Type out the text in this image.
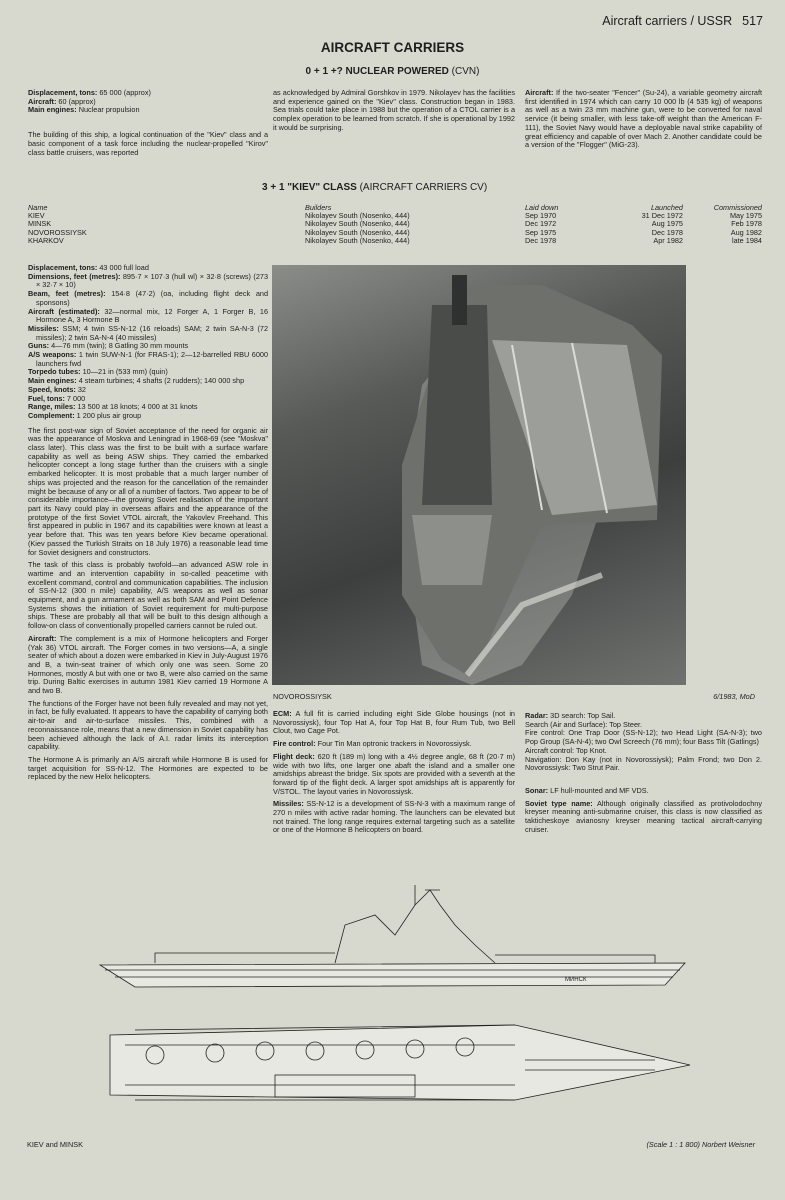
Aircraft carriers / USSR 517
AIRCRAFT CARRIERS
0 + 1 +? NUCLEAR POWERED (CVN)

Displacement, tons: 65 000 (approx)

Aircraft: 60 (approx)

Main engines: Nuclear propulsion

The building of this ship, a logical continuation of the "Kiev" class and a basic component of a task force including the nuclear-propelled "Kirov" class battle cruisers, was reported

as acknowledged by Admiral Gorshkov in 1979. Nikolayev has the facilities and experience gained on the "Kiev" class. Construction began in 1983. Sea trials could take place in 1988 but the operation of a CTOL carrier is a complex operation to be learned from scratch. If she is operational by 1992 it would be surprising.

Aircraft: If the two-seater "Fencer" (Su-24), a variable geometry aircraft first identified in 1974 which can carry 10 000 lb (4 535 kg) of weapons as well as a twin 23 mm machine gun, were to be converted for naval service (it being smaller, with less take-off weight than the American F-111), the Soviet Navy would have a deployable naval strike capability of great efficiency and capable of over Mach 2. Another candidate could be a version of the "Flogger" (MiG-23).

3 + 1 "KIEV" CLASS (AIRCRAFT CARRIERS CV)
Name	Builders	Laid down	Launched	Commissioned
KIEV	Nikolayev South (Nosenko, 444)	Sep 1970	31 Dec 1972	May 1975
MINSK	Nikolayev South (Nosenko, 444)	Dec 1972	Aug 1975	Feb 1978
NOVOROSSIYSK	Nikolayev South (Nosenko, 444)	Sep 1975	Dec 1978	Aug 1982
KHARKOV	Nikolayev South (Nosenko, 444)	Dec 1978	Apr 1982	late 1984

Displacement, tons: 43 000 full load

Dimensions, feet (metres): 895·7 × 107·3 (hull wl) × 32·8 (screws) (273 × 32·7 × 10)

Beam, feet (metres): 154·8 (47·2) (oa, including flight deck and sponsons)

Aircraft (estimated): 32—normal mix, 12 Forger A, 1 Forger B, 16 Hormone A, 3 Hormone B

Missiles: SSM; 4 twin SS-N-12 (16 reloads) SAM; 2 twin SA-N-3 (72 missiles); 2 twin SA-N-4 (40 missiles)

Guns: 4—76 mm (twin); 8 Gatling 30 mm mounts

A/S weapons: 1 twin SUW-N-1 (for FRAS-1); 2—12-barrelled RBU 6000 launchers fwd

Torpedo tubes: 10—21 in (533 mm) (quin)

Main engines: 4 steam turbines; 4 shafts (2 rudders); 140 000 shp

Speed, knots: 32

Fuel, tons: 7 000

Range, miles: 13 500 at 18 knots; 4 000 at 31 knots

Complement: 1 200 plus air group

The first post-war sign of Soviet acceptance of the need for organic air was the appearance of Moskva and Leningrad in 1968-69 (see "Moskva" class later). This class was the first to be built with a surface warfare capability as well as being ASW ships. They carried the embarked helicopter concept a long stage further than the cruisers with a single embarked helicopter. It is most probable that a much larger number of ships was projected and the reason for the cancellation of the remainder might be because of any or all of a number of factors. Two appear to be of considerable importance—the growing Soviet realisation of the important part its Navy could play in overseas affairs and the appearance of the prototype of the first Soviet VTOL aircraft, the Yakovlev Freehand. This first appeared in public in 1967 and its capabilities were known at least a year before that. This was ten years before Kiev became operational. (Kiev passed the Turkish Straits on 18 July 1976) a reasonable lead time for Soviet designers and constructors.

The task of this class is probably twofold—an advanced ASW role in wartime and an intervention capability in so-called peacetime with excellent command, control and communication capabilities. The inclusion of SS-N-12 (300 n mile) capability, A/S weapons as well as sonar equipment, and a gun armament as well as both SAM and Point Defence Systems shows the initiation of Soviet requirement for multi-purpose ships. These are probably all that will be built to this design although a follow-on class of conventionally propelled carriers cannot be ruled out.

Aircraft: The complement is a mix of Hormone helicopters and Forger (Yak 36) VTOL aircraft. The Forger comes in two versions—A, a single seater of which about a dozen were embarked in Kiev in July-August 1976 and B, a twin-seat trainer of which only one was seen. Some 20 Hormones, mostly A but with one or two B, were also carried on the same trip. During Baltic exercises in autumn 1981 Kiev carried 19 Hormone A and two B.

The functions of the Forger have not been fully revealed and may not yet, in fact, be fully evaluated. It appears to have the capability of carrying both air-to-air and air-to-surface missiles. This, combined with a reconnaissance role, means that a new dimension in Soviet capability has been achieved although the lack of A.I. radar limits its interception capability.

The Hormone A is primarily an A/S aircraft while Hormone B is used for target acquisition for SS-N-12. The Hormones are expected to be replaced by the new Helix helicopters.

NOVOROSSIYSK	6/1983, MoD

ECM: A full fit is carried including eight Side Globe housings (not in Novorossiysk), four Top Hat A, four Top Hat B, four Rum Tub, two Bell Clout, two Cage Pot.

Fire control: Four Tin Man optronic trackers in Novorossiysk.

Flight deck: 620 ft (189 m) long with a 4½ degree angle, 68 ft (20·7 m) wide with two lifts, one larger one abaft the island and a smaller one amidships abreast the bridge. Six spots are provided with a seventh at the forward tip of the flight deck. A larger spot amidships aft is apparently for V/STOL. The layout varies in Novorossiysk.

Missiles: SS-N-12 is a development of SS-N-3 with a maximum range of 270 n miles with active radar homing. The launchers can be elevated but not trained. The long range requires external targeting such as a satellite or one of the Hormone B helicopters on board.

Radar: 3D search: Top Sail.
Search (Air and Surface): Top Steer.
Fire control: One Trap Door (SS-N-12); two Head Light (SA-N-3); two Pop Group (SA-N-4); two Owl Screech (76 mm); four Bass Tilt (Gatlings)
Aircraft control: Top Knot.
Navigation: Don Kay (not in Novorossiysk); Palm Frond; two Don 2. Novorossiysk: Two Strut Pair.

Sonar: LF hull-mounted and MF VDS.

Soviet type name: Although originally classified as protivolodochny kreyser meaning anti-submarine cruiser, this class is now classified as takticheskoye avianosny kreyser meaning tactical aircraft-carrying cruiser.

МИНСК
KIEV and MINSK	(Scale 1 : 1 800) Norbert Weisner
